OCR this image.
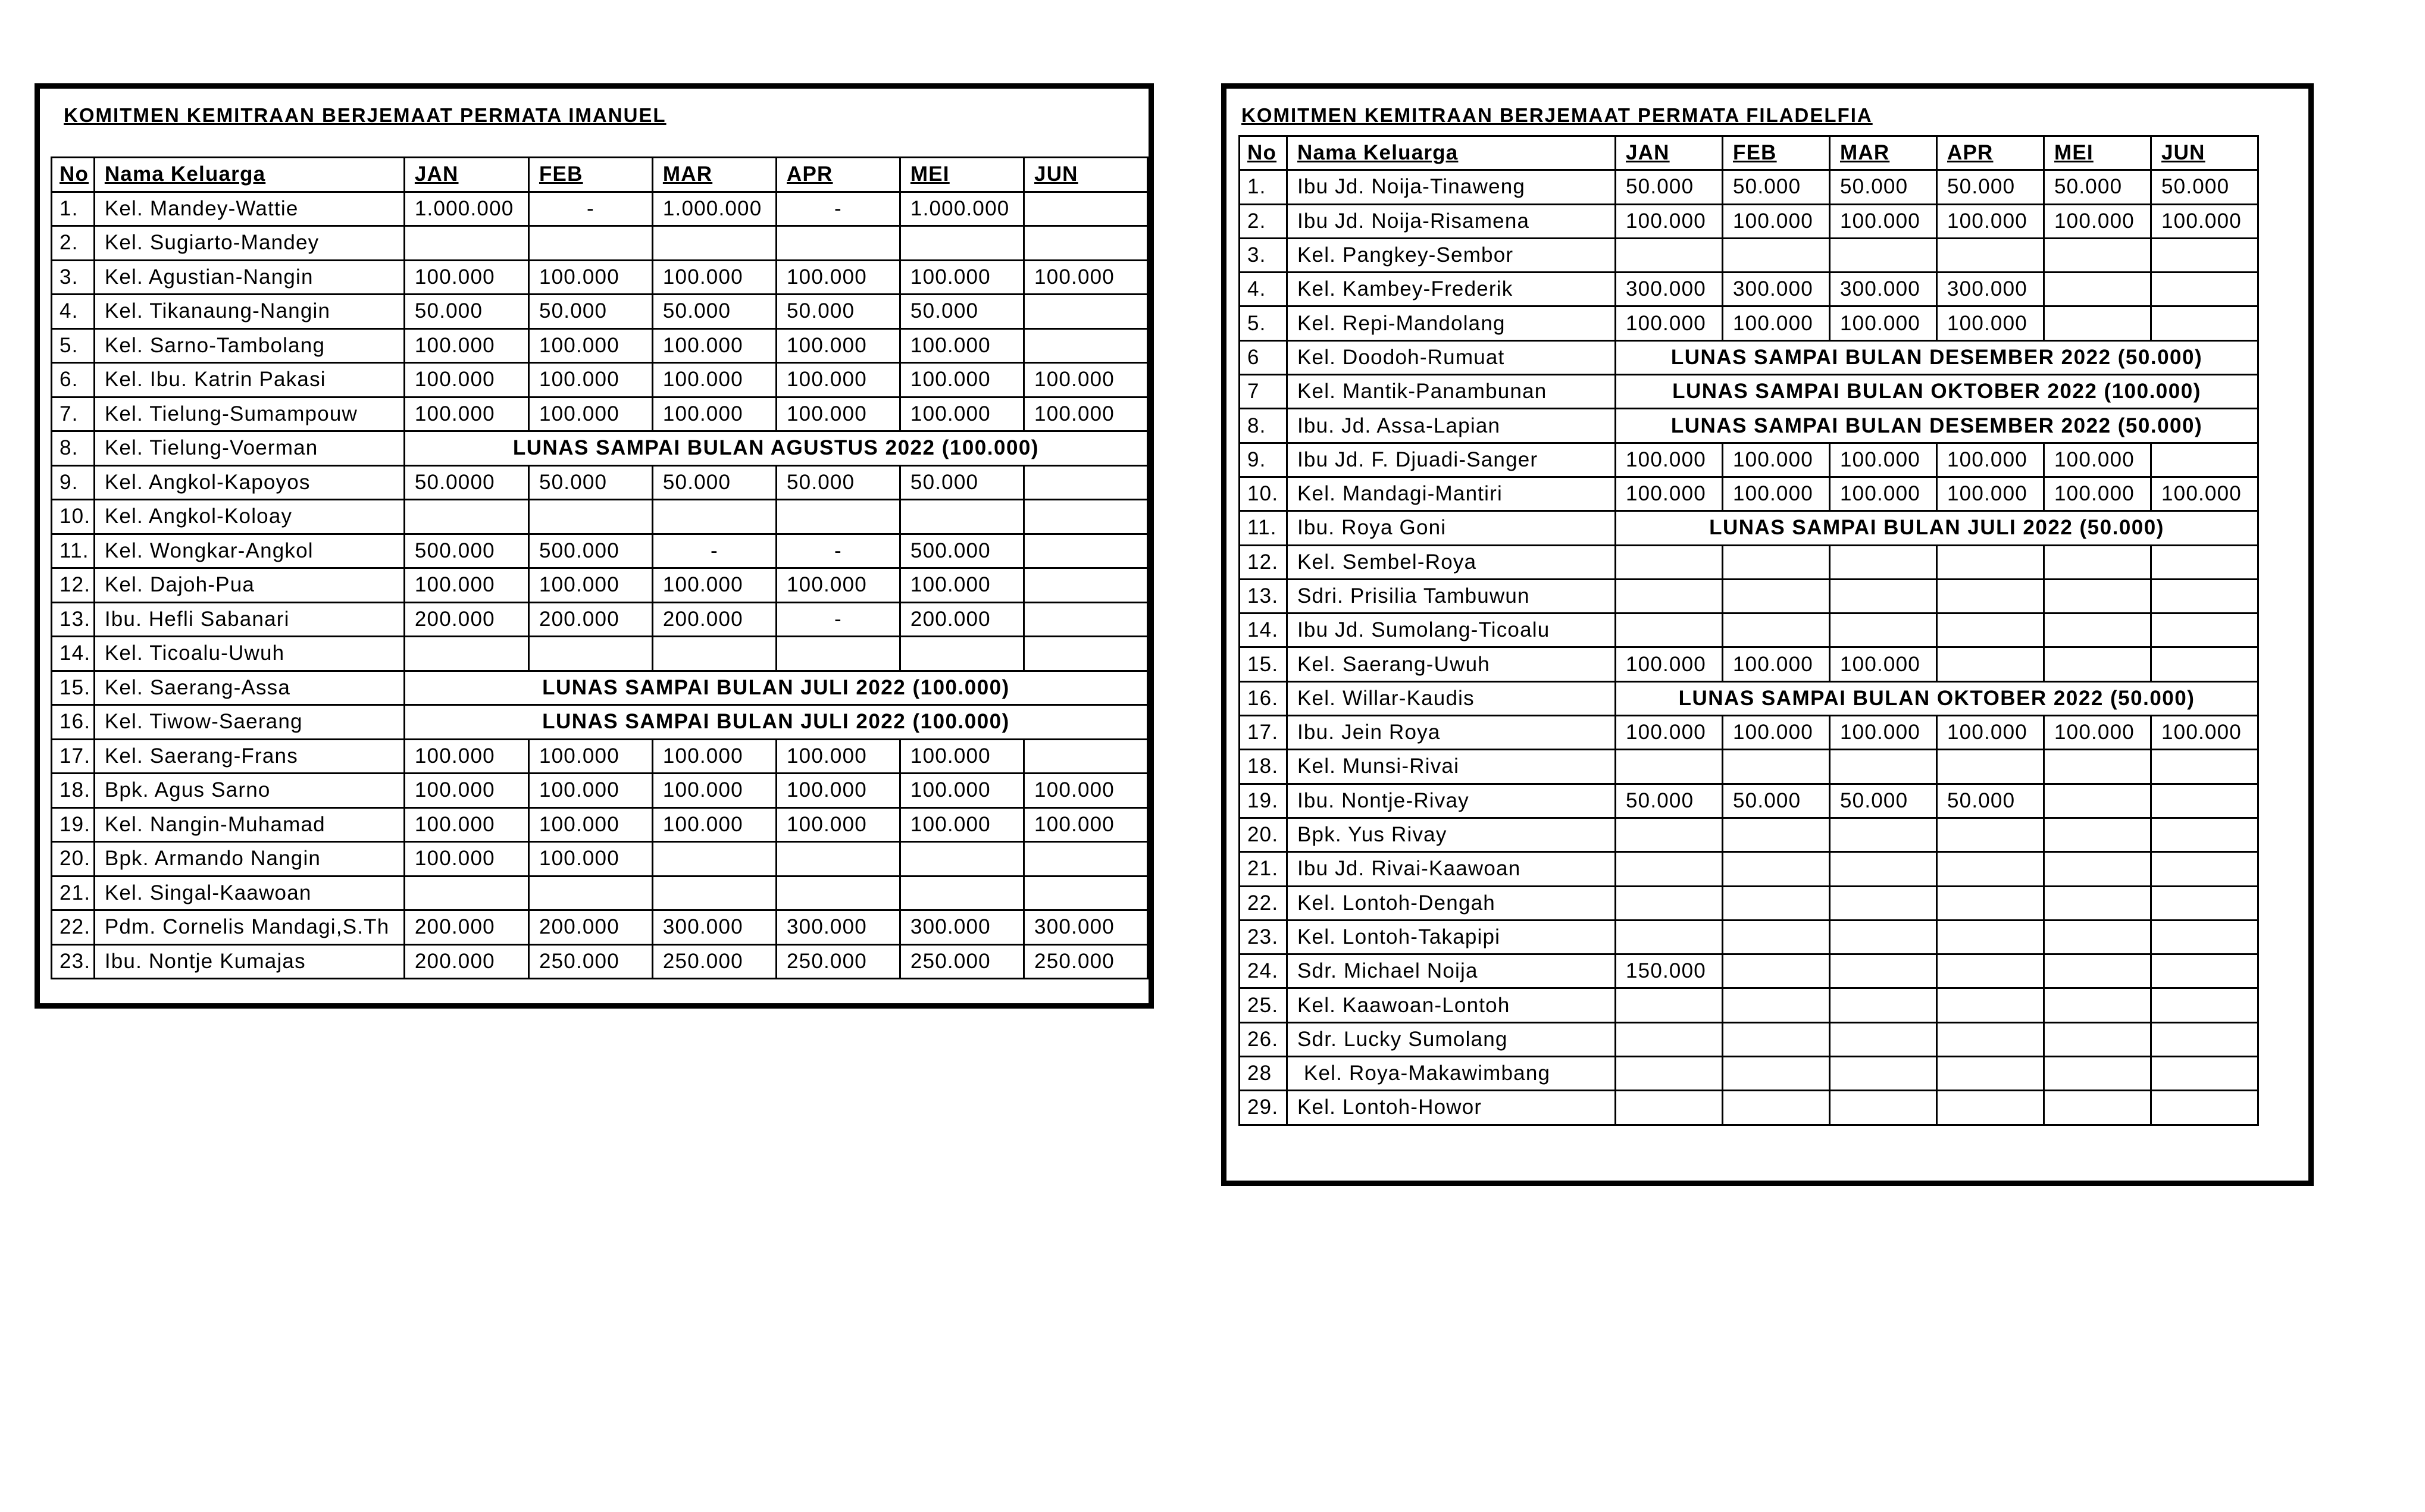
KOMITMEN KEMITRAAN BERJEMAAT PERMATA IMANUEL
No	Nama Keluarga	JAN	FEB	MAR	APR	MEI	JUN
1.	Kel. Mandey-Wattie	1.000.000	-	1.000.000	-	1.000.000	
2.	Kel. Sugiarto-Mandey						
3.	Kel. Agustian-Nangin	100.000	100.000	100.000	100.000	100.000	100.000
4.	Kel. Tikanaung-Nangin	50.000	50.000	50.000	50.000	50.000	
5.	Kel. Sarno-Tambolang	100.000	100.000	100.000	100.000	100.000	
6.	Kel. Ibu. Katrin Pakasi	100.000	100.000	100.000	100.000	100.000	100.000
7.	Kel. Tielung-Sumampouw	100.000	100.000	100.000	100.000	100.000	100.000
8.	Kel. Tielung-Voerman	LUNAS SAMPAI BULAN AGUSTUS 2022 (100.000)					
9.	Kel. Angkol-Kapoyos	50.0000	50.000	50.000	50.000	50.000	
10.	Kel. Angkol-Koloay						
11.	Kel. Wongkar-Angkol	500.000	500.000	-	-	500.000	
12.	Kel. Dajoh-Pua	100.000	100.000	100.000	100.000	100.000	
13.	Ibu. Hefli Sabanari	200.000	200.000	200.000	-	200.000	
14.	Kel. Ticoalu-Uwuh						
15.	Kel. Saerang-Assa	LUNAS SAMPAI BULAN JULI 2022 (100.000)					
16.	Kel. Tiwow-Saerang	LUNAS SAMPAI BULAN JULI 2022 (100.000)					
17.	Kel. Saerang-Frans	100.000	100.000	100.000	100.000	100.000	
18.	Bpk. Agus Sarno	100.000	100.000	100.000	100.000	100.000	100.000
19.	Kel. Nangin-Muhamad	100.000	100.000	100.000	100.000	100.000	100.000
20.	Bpk. Armando Nangin	100.000	100.000				
21.	Kel. Singal-Kaawoan						
22.	Pdm. Cornelis Mandagi,S.Th	200.000	200.000	300.000	300.000	300.000	300.000
23.	Ibu. Nontje Kumajas	200.000	250.000	250.000	250.000	250.000	250.000
KOMITMEN KEMITRAAN BERJEMAAT PERMATA FILADELFIA
No	Nama Keluarga	JAN	FEB	MAR	APR	MEI	JUN
1.	Ibu Jd. Noija-Tinaweng	50.000	50.000	50.000	50.000	50.000	50.000
2.	Ibu Jd. Noija-Risamena	100.000	100.000	100.000	100.000	100.000	100.000
3.	Kel. Pangkey-Sembor						
4.	Kel. Kambey-Frederik	300.000	300.000	300.000	300.000		
5.	Kel. Repi-Mandolang	100.000	100.000	100.000	100.000		
6	Kel. Doodoh-Rumuat	LUNAS SAMPAI BULAN DESEMBER 2022 (50.000)					
7	Kel. Mantik-Panambunan	LUNAS SAMPAI BULAN OKTOBER 2022 (100.000)					
8.	Ibu. Jd. Assa-Lapian	LUNAS SAMPAI BULAN DESEMBER 2022 (50.000)					
9.	Ibu Jd. F. Djuadi-Sanger	100.000	100.000	100.000	100.000	100.000	
10.	Kel. Mandagi-Mantiri	100.000	100.000	100.000	100.000	100.000	100.000
11.	Ibu. Roya Goni	LUNAS SAMPAI BULAN JULI 2022 (50.000)					
12.	Kel. Sembel-Roya						
13.	Sdri. Prisilia Tambuwun						
14.	Ibu Jd. Sumolang-Ticoalu						
15.	Kel. Saerang-Uwuh	100.000	100.000	100.000			
16.	Kel. Willar-Kaudis	LUNAS SAMPAI BULAN OKTOBER 2022 (50.000)					
17.	Ibu. Jein Roya	100.000	100.000	100.000	100.000	100.000	100.000
18.	Kel. Munsi-Rivai						
19.	Ibu. Nontje-Rivay	50.000	50.000	50.000	50.000		
20.	Bpk. Yus Rivay						
21.	Ibu Jd. Rivai-Kaawoan						
22.	Kel. Lontoh-Dengah						
23.	Kel. Lontoh-Takapipi						
24.	Sdr. Michael Noija	150.000					
25.	Kel. Kaawoan-Lontoh						
26.	Sdr. Lucky Sumolang						
28	Kel. Roya-Makawimbang						
29.	Kel. Lontoh-Howor						
